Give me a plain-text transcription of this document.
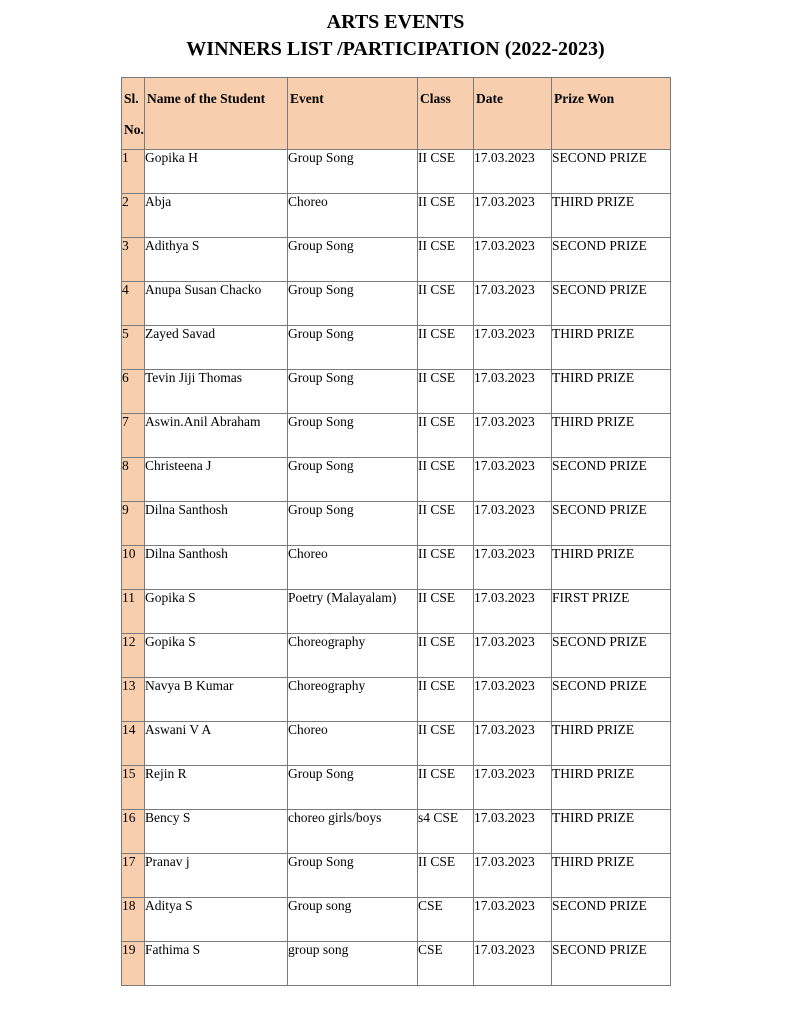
ARTS EVENTS
WINNERS LIST /PARTICIPATION (2022-2023)
Sl.
No.	Name of the Student	Event	Class	Date	Prize Won
1	Gopika H	Group Song	II CSE	17.03.2023	SECOND PRIZE
2	Abja	Choreo	II CSE	17.03.2023	THIRD PRIZE
3	Adithya S	Group Song	II CSE	17.03.2023	SECOND PRIZE
4	Anupa Susan Chacko	Group Song	II CSE	17.03.2023	SECOND PRIZE
5	Zayed Savad	Group Song	II CSE	17.03.2023	THIRD PRIZE
6	Tevin Jiji Thomas	Group Song	II CSE	17.03.2023	THIRD PRIZE
7	Aswin.Anil Abraham	Group Song	II CSE	17.03.2023	THIRD PRIZE
8	Christeena J	Group Song	II CSE	17.03.2023	SECOND PRIZE
9	Dilna Santhosh	Group Song	II CSE	17.03.2023	SECOND PRIZE
10	Dilna Santhosh	Choreo	II CSE	17.03.2023	THIRD PRIZE
11	Gopika S	Poetry (Malayalam)	II CSE	17.03.2023	FIRST PRIZE
12	Gopika S	Choreography	II CSE	17.03.2023	SECOND PRIZE
13	Navya B Kumar	Choreography	II CSE	17.03.2023	SECOND PRIZE
14	Aswani V A	Choreo	II CSE	17.03.2023	THIRD PRIZE
15	Rejin R	Group Song	II CSE	17.03.2023	THIRD PRIZE
16	Bency S	choreo girls/boys	s4 CSE	17.03.2023	THIRD PRIZE
17	Pranav j	Group Song	II CSE	17.03.2023	THIRD PRIZE
18	Aditya S	Group song	CSE	17.03.2023	SECOND PRIZE
19	Fathima S	group song	CSE	17.03.2023	SECOND PRIZE
